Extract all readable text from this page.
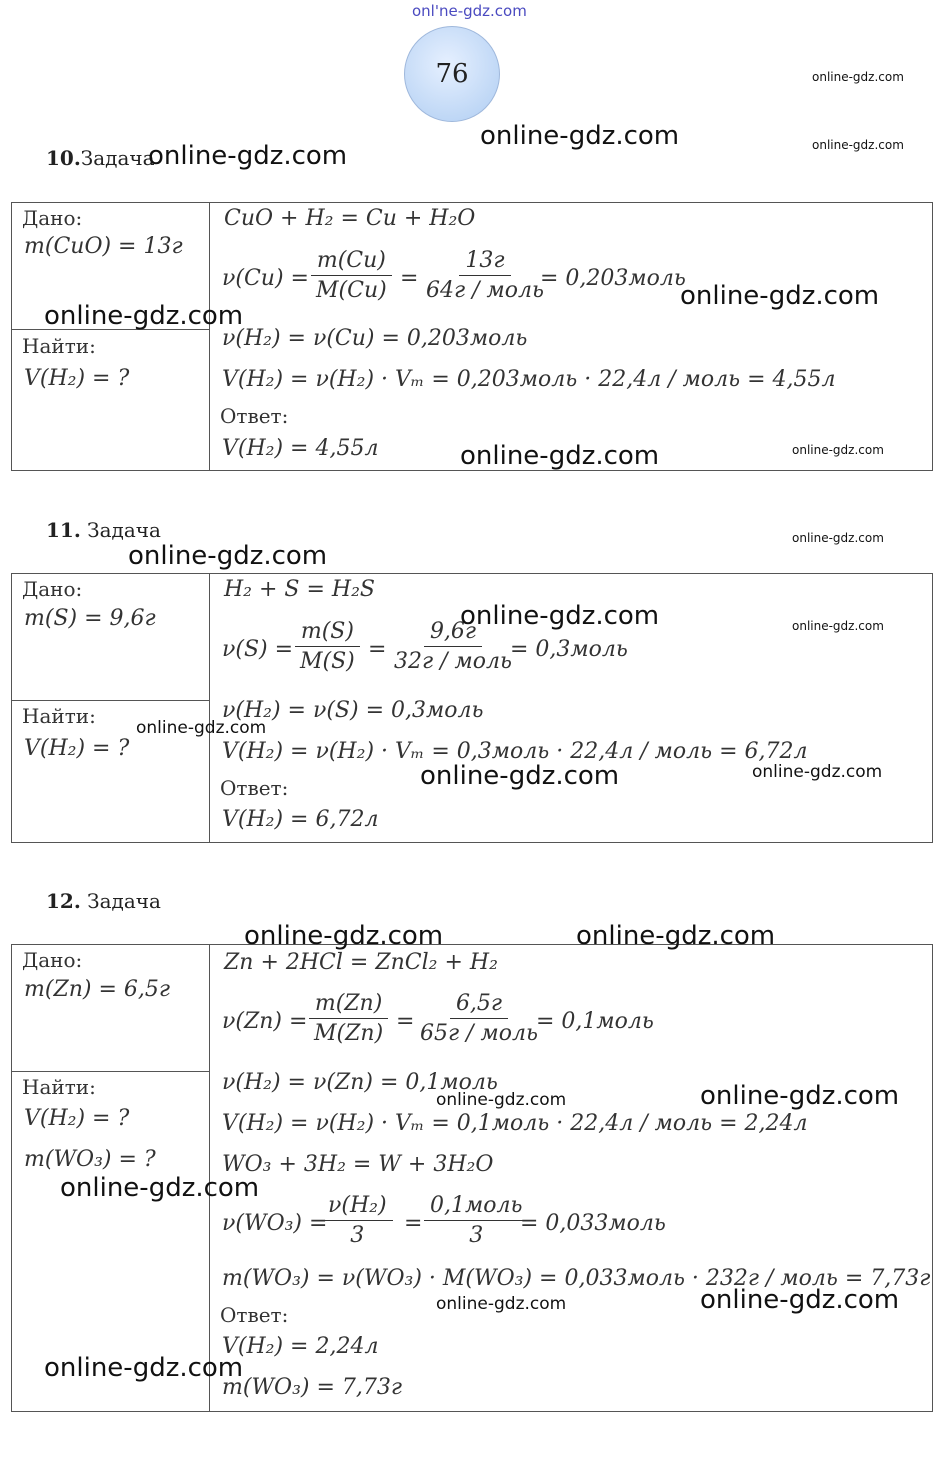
onl'ne-gdz.com
76
10.Задача
Дано:
m(CuO) = 13г
Найти:
V(H₂) = ?
CuO + H₂ = Cu + H₂O
$\nu(Cu) = \frac{m(Cu)}{M(Cu)}$ =
13г
64г / моль
= 0,203моль
ν(H₂) = ν(Cu) = 0,203моль
V(H₂) = ν(H₂) · Vₘ = 0,203моль · 22,4л / моль = 4,55л
Ответ:
V(H₂) = 4,55л
11. Задача
Дано:
m(S) = 9,6г
Найти:
V(H₂) = ?
H₂ + S = H₂S
$\nu(S) = \frac{m(S)}{M(S)}$ =
9,6г
32г / моль
= 0,3моль
ν(H₂) = ν(S) = 0,3моль
V(H₂) = ν(H₂) · Vₘ = 0,3моль · 22,4л / моль = 6,72л
Ответ:
V(H₂) = 6,72л
12. Задача
Дано:
m(Zn) = 6,5г
Найти:
V(H₂) = ?
m(WO₃) = ?
Zn + 2HCl = ZnCl₂ + H₂
$\nu(Zn) = \frac{m(Zn)}{M(Zn)}$ =
6,5г
65г / моль
= 0,1моль
ν(H₂) = ν(Zn) = 0,1моль
V(H₂) = ν(H₂) · Vₘ = 0,1моль · 22,4л / моль = 2,24л
WO₃ + 3H₂ = W + 3H₂O
ν(WO₃) =
$\frac{\text{ν(H₂)}}{3}$ =
0,1моль
3 = 0,033моль
m(WO₃) = ν(WO₃) · M(WO₃) = 0,033моль · 232г / моль = 7,73г
Ответ:
V(H₂) = 2,24л
m(WO₃) = 7,73г
online-gdz.com
online-gdz.com	online-gdz.com
online-gdz.com
online-gdz.com
online-gdz.com
online-gdz.com	online-gdz.com
online-gdz.com
online-gdz.com
online-gdz.com	online-gdz.com
online-gdz.com
online-gdz.com
online-gdz.com
online-gdz.com	online-gdz.com
online-gdz.com
online-gdz.com
online-gdz.com
online-gdz.com
online-gdz.com
online-gdz.com
